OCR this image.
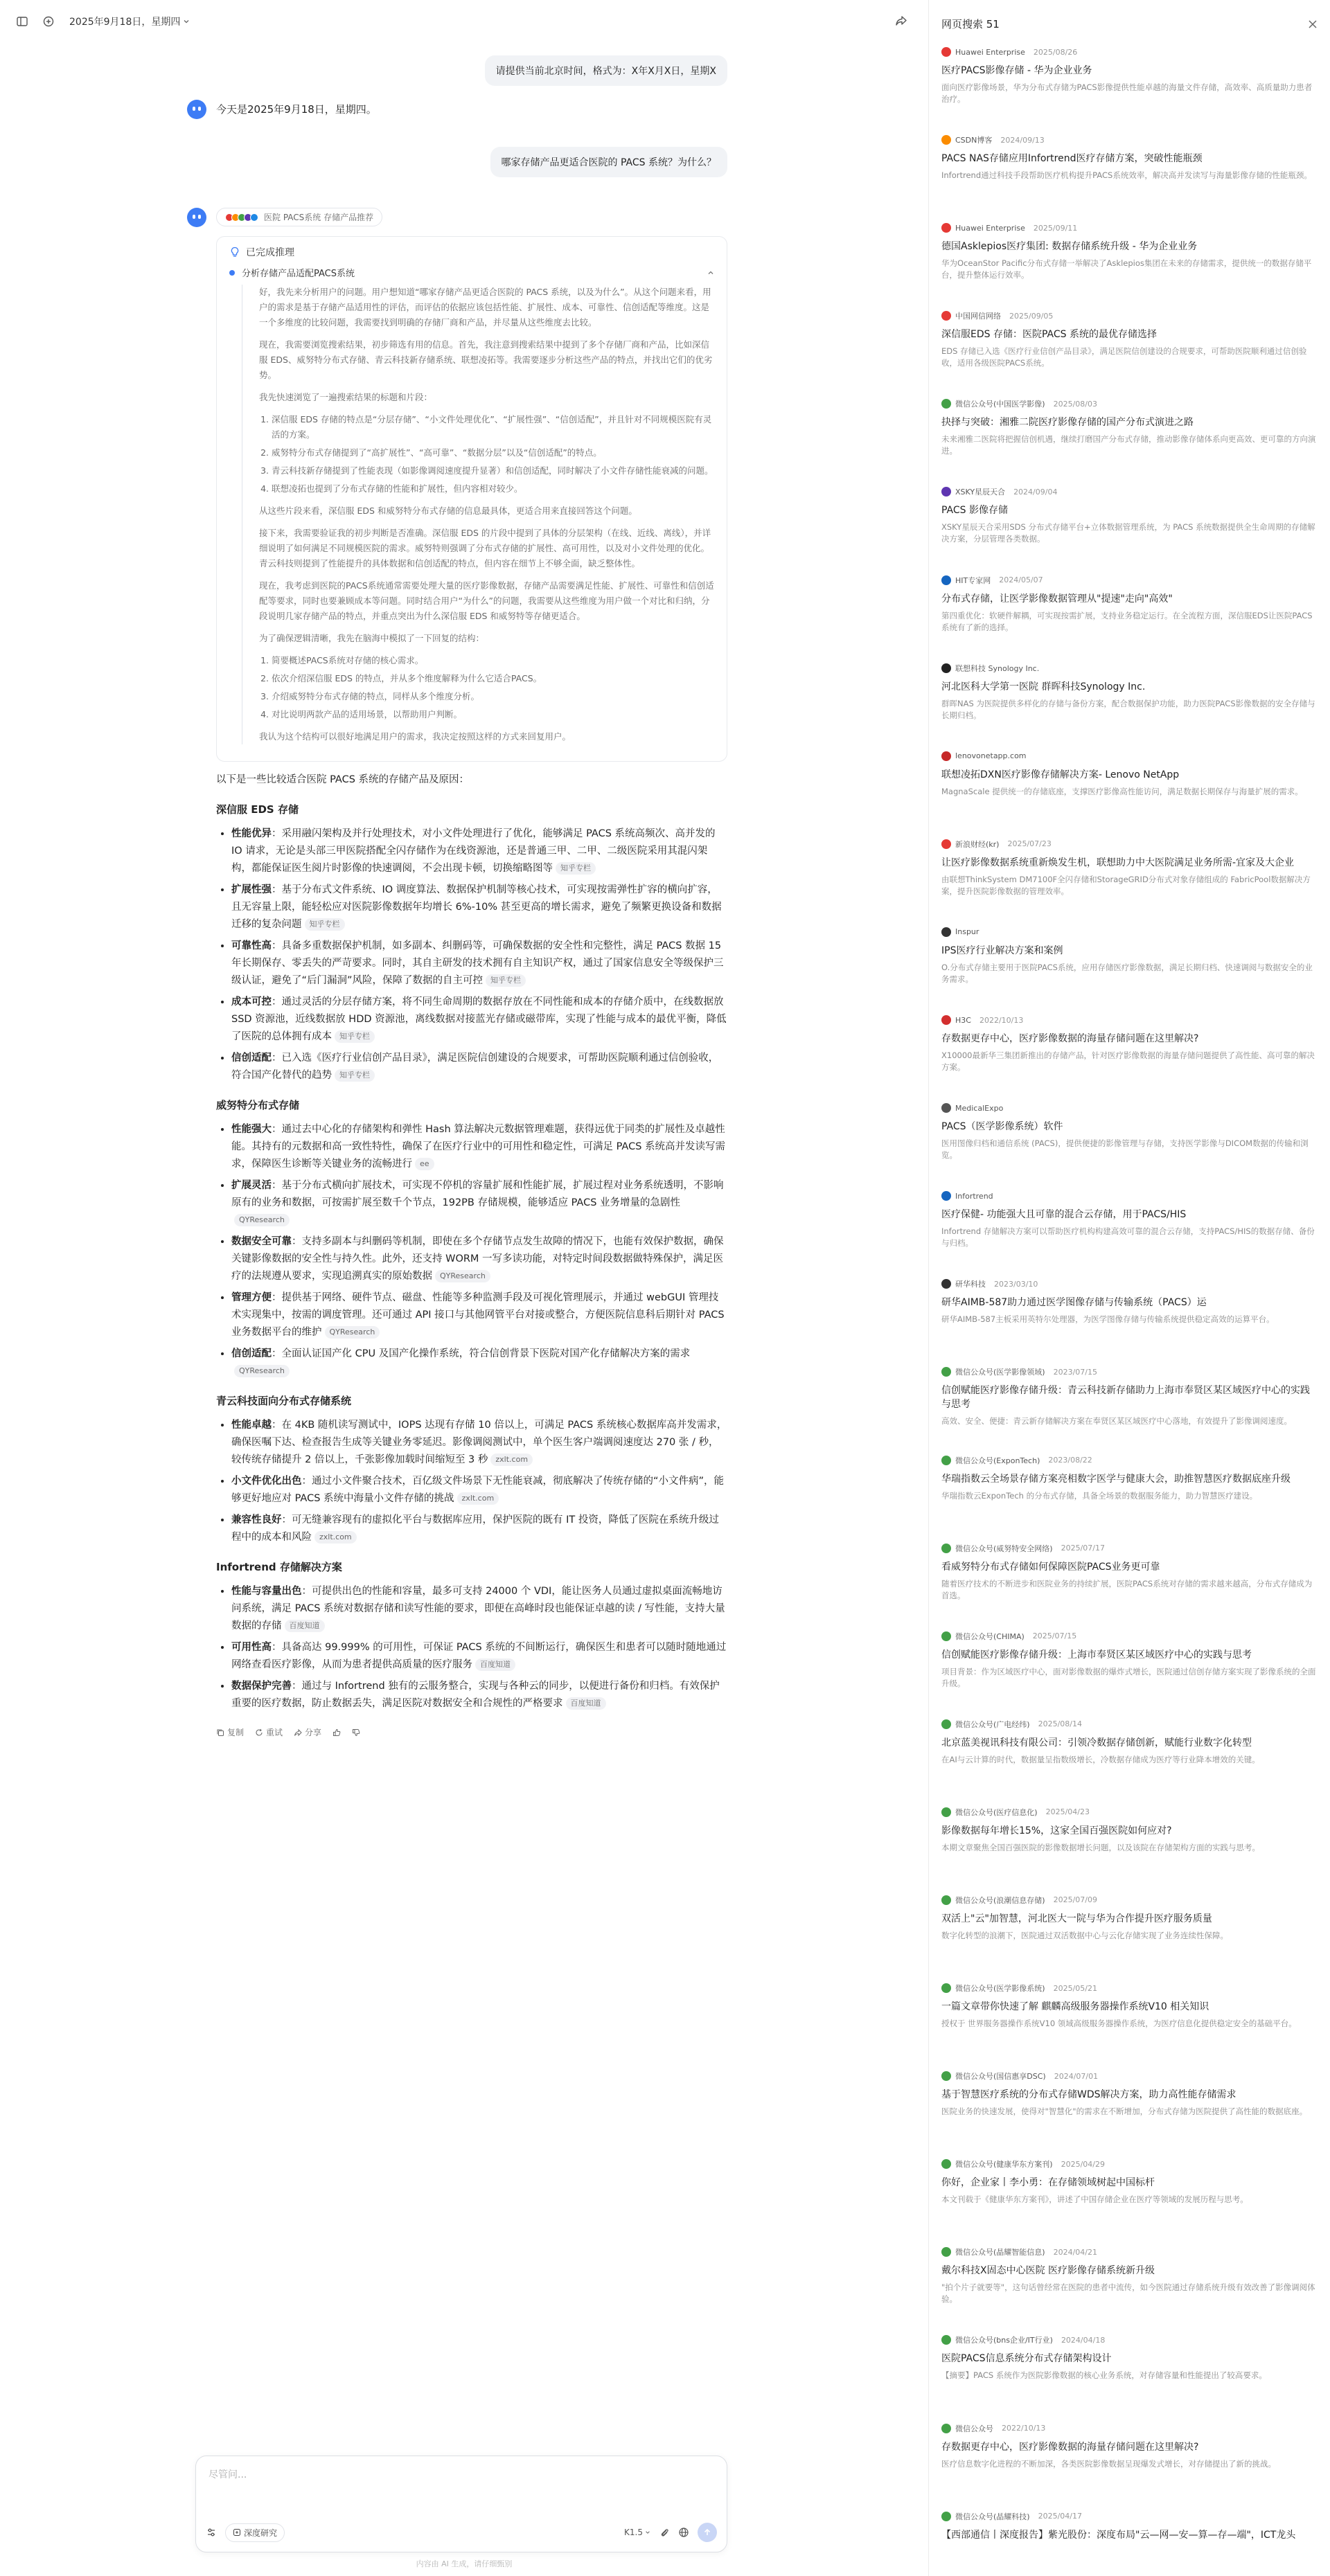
2025年9月18日，星期四
请提供当前北京时间，格式为：X年X月X日，星期X
今天是2025年9月18日，星期四。
哪家存储产品更适合医院的 PACS 系统？为什么？
医院 PACS系统 存储产品推荐
已完成推理
分析存储产品适配PACS系统

好，我先来分析用户的问题。用户想知道“哪家存储产品更适合医院的 PACS 系统，以及为什么”。从这个问题来看，用户的需求是基于存储产品适用性的评估，而评估的依据应该包括性能、扩展性、成本、可靠性、信创适配等维度。这是一个多维度的比较问题，我需要找到明确的存储厂商和产品，并尽量从这些维度去比较。

现在，我需要浏览搜索结果，初步筛选有用的信息。首先，我注意到搜索结果中提到了多个存储厂商和产品，比如深信服 EDS、威努特分布式存储、青云科技新存储系统、联想凌拓等。我需要逐步分析这些产品的特点，并找出它们的优劣势。

我先快速浏览了一遍搜索结果的标题和片段：

1. 深信服 EDS 存储的特点是“分层存储”、“小文件处理优化”、“扩展性强”、“信创适配”，并且针对不同规模医院有灵活的方案。
2. 威努特分布式存储提到了“高扩展性”、“高可靠”、“数据分层”以及“信创适配”的特点。
3. 青云科技新存储提到了性能表现（如影像调阅速度提升显著）和信创适配，同时解决了小文件存储性能衰减的问题。
4. 联想凌拓也提到了分布式存储的性能和扩展性，但内容相对较少。

从这些片段来看，深信服 EDS 和威努特分布式存储的信息最具体，更适合用来直接回答这个问题。

接下来，我需要验证我的初步判断是否准确。深信服 EDS 的片段中提到了具体的分层架构（在线、近线、离线），并详细说明了如何满足不同规模医院的需求。威努特则强调了分布式存储的扩展性、高可用性，以及对小文件处理的优化。青云科技则提到了性能提升的具体数据和信创适配的特点，但内容在细节上不够全面，缺乏整体性。

现在，我考虑到医院的PACS系统通常需要处理大量的医疗影像数据，存储产品需要满足性能、扩展性、可靠性和信创适配等要求，同时也要兼顾成本等问题。同时结合用户“为什么”的问题，我需要从这些维度为用户做一个对比和归纳，分段说明几家存储产品的特点，并重点突出为什么深信服 EDS 和威努特等存储更适合。

为了确保逻辑清晰，我先在脑海中模拟了一下回复的结构：

1. 简要概述PACS系统对存储的核心需求。
2. 依次介绍深信服 EDS 的特点，并从多个维度解释为什么它适合PACS。
3. 介绍威努特分布式存储的特点，同样从多个维度分析。
4. 对比说明两款产品的适用场景，以帮助用户判断。

我认为这个结构可以很好地满足用户的需求，我决定按照这样的方式来回复用户。

以下是一些比较适合医院 PACS 系统的存储产品及原因：

深信服 EDS 存储
• 性能优异：采用融闪架构及并行处理技术，对小文件处理进行了优化，能够满足 PACS 系统高频次、高并发的 IO 请求，无论是头部三甲医院搭配全闪存储作为在线资源池，还是普通三甲、二甲、二级医院采用其混闪架构，都能保证医生阅片时影像的快速调阅，不会出现卡顿，切换缩略图等 知乎专栏
• 扩展性强：基于分布式文件系统、IO 调度算法、数据保护机制等核心技术，可实现按需弹性扩容的横向扩容，且无容量上限，能轻松应对医院影像数据年均增长 6%-10% 甚至更高的增长需求，避免了频繁更换设备和数据迁移的复杂问题 知乎专栏
• 可靠性高：具备多重数据保护机制，如多副本、纠删码等，可确保数据的安全性和完整性，满足 PACS 数据 15 年长期保存、零丢失的严苛要求。同时，其自主研发的技术拥有自主知识产权，通过了国家信息安全等级保护三级认证，避免了“后门漏洞”风险，保障了数据的自主可控 知乎专栏
• 成本可控：通过灵活的分层存储方案，将不同生命周期的数据存放在不同性能和成本的存储介质中，在线数据放 SSD 资源池，近线数据放 HDD 资源池，离线数据对接蓝光存储或磁带库，实现了性能与成本的最优平衡，降低了医院的总体拥有成本 知乎专栏
• 信创适配：已入选《医疗行业信创产品目录》，满足医院信创建设的合规要求，可帮助医院顺利通过信创验收，符合国产化替代的趋势 知乎专栏
威努特分布式存储
• 性能强大：通过去中心化的存储架构和弹性 Hash 算法解决元数据管理难题，获得远优于同类的扩展性及卓越性能。其持有的元数据和高一致性特性，确保了在医疗行业中的可用性和稳定性，可满足 PACS 系统高并发读写需求，保障医生诊断等关键业务的流畅进行 ee
• 扩展灵活：基于分布式横向扩展技术，可实现不停机的容量扩展和性能扩展，扩展过程对业务系统透明，不影响原有的业务和数据，可按需扩展至数千个节点，192PB 存储规模，能够适应 PACS 业务增量的急剧性QYResearch
• 数据安全可靠：支持多副本与纠删码等机制，即使在多个存储节点发生故障的情况下，也能有效保护数据，确保关键影像数据的安全性与持久性。此外，还支持 WORM 一写多读功能，对特定时间段数据做特殊保护，满足医疗的法规遵从要求，实现追溯真实的原始数据 QYResearch
• 管理方便：提供基于网络、硬件节点、磁盘、性能等多种监测手段及可视化管理展示，并通过 webGUI 管理技术实现集中，按需的调度管理。还可通过 API 接口与其他网管平台对接或整合，方便医院信息科后期针对 PACS 业务数据平台的维护 QYResearch
• 信创适配：全面认证国产化 CPU 及国产化操作系统，符合信创背景下医院对国产化存储解决方案的需求QYResearch
青云科技面向分布式存储系统
• 性能卓越：在 4KB 随机读写测试中，IOPS 达现有存储 10 倍以上，可满足 PACS 系统核心数据库高并发需求，确保医嘱下达、检查报告生成等关键业务零延迟。影像调阅测试中，单个医生客户端调阅速度达 270 张 / 秒，较传统存储提升 2 倍以上，千张影像加载时间缩短至 3 秒 zxlt.com
• 小文件优化出色：通过小文件聚合技术，百亿级文件场景下无性能衰减，彻底解决了传统存储的“小文件病”，能够更好地应对 PACS 系统中海量小文件存储的挑战 zxlt.com
• 兼容性良好：可无缝兼容现有的虚拟化平台与数据库应用，保护医院的既有 IT 投资，降低了医院在系统升级过程中的成本和风险 zxlt.com
Infortrend 存储解决方案
• 性能与容量出色：可提供出色的性能和容量，最多可支持 24000 个 VDI，能让医务人员通过虚拟桌面流畅地访问系统，满足 PACS 系统对数据存储和读写性能的要求，即便在高峰时段也能保证卓越的读 / 写性能，支持大量数据的存储 百度知道
• 可用性高：具备高达 99.999% 的可用性，可保证 PACS 系统的不间断运行，确保医生和患者可以随时随地通过网络查看医疗影像，从而为患者提供高质量的医疗服务 百度知道
• 数据保护完善：通过与 Infortrend 独有的云服务整合，实现与各种云的同步，以便进行备份和归档。有效保护重要的医疗数据，防止数据丢失，满足医院对数据安全和合规性的严格要求 百度知道
复制	重试	分享
尽管问...
深度研究	K1.5
内容由 AI 生成，请仔细甄别
网页搜索 51
Huawei Enterprise 2025/08/26
医疗PACS影像存储 - 华为企业业务
面向医疗影像场景，华为分布式存储为PACS影像提供性能卓越的海量文件存储，高效率、高质量助力患者治疗。
CSDN博客 2024/09/13
PACS NAS存储应用Infortrend医疗存储方案，突破性能瓶颈
Infortrend通过科技手段帮助医疗机构提升PACS系统效率，解决高并发读写与海量影像存储的性能瓶颈。
Huawei Enterprise 2025/09/11
德国Asklepios医疗集团: 数据存储系统升级 - 华为企业业务
华为OceanStor Pacific分布式存储一举解决了Asklepios集团在未来的存储需求，提供统一的数据存储平台，提升整体运行效率。
中国网信网络 2025/09/05
深信服EDS 存储：医院PACS 系统的最优存储选择
EDS 存储已入选《医疗行业信创产品目录》，满足医院信创建设的合规要求，可帮助医院顺利通过信创验收，适用各级医院PACS系统。
微信公众号(中国医学影像) 2025/08/03
抉择与突破：湘雅二院医疗影像存储的国产分布式演进之路
未来湘雅二医院将把握信创机遇，继续打磨国产分布式存储，推动影像存储体系向更高效、更可靠的方向演进。
XSKY星辰天合 2024/09/04
PACS 影像存储
XSKY星辰天合采用SDS 分布式存储平台+立体数据管理系统，为 PACS 系统数据提供全生命周期的存储解决方案，分层管理各类数据。
HIT专家网 2024/05/07
分布式存储，让医学影像数据管理从"提速"走向"高效"
第四重优化：软硬件解耦，可实现按需扩展，支持业务稳定运行。在全流程方面，深信服EDS让医院PACS系统有了新的选择。
联想科技 Synology Inc.
河北医科大学第一医院 群晖科技Synology Inc.
群晖NAS 为医院提供多样化的存储与备份方案，配合数据保护功能，助力医院PACS影像数据的安全存储与长期归档。
lenovonetapp.com
联想凌拓DXN医疗影像存储解决方案- Lenovo NetApp
MagnaScale 提供统一的存储底座，支撑医疗影像高性能访问，满足数据长期保存与海量扩展的需求。
新浪财经(kr) 2025/07/23
让医疗影像数据系统重新焕发生机，联想助力中大医院满足业务所需-宜家及大企业
由联想ThinkSystem DM7100F全闪存储和StorageGRID分布式对象存储组成的 FabricPool数据解决方案，提升医院影像数据的管理效率。
Inspur
IPS医疗行业解决方案和案例
O.分布式存储主要用于医院PACS系统，应用存储医疗影像数据，满足长期归档、快速调阅与数据安全的业务需求。
H3C 2022/10/13
存数据更存中心，医疗影像数据的海量存储问题在这里解决?
X10000最新华三集团新推出的存储产品，针对医疗影像数据的海量存储问题提供了高性能、高可靠的解决方案。
MedicalExpo
PACS（医学影像系统）软件
医用图像归档和通信系统 (PACS)，提供便捷的影像管理与存储，支持医学影像与DICOM数据的传输和浏览。
Infortrend
医疗保健- 功能强大且可靠的混合云存储，用于PACS/HIS
Infortrend 存储解决方案可以帮助医疗机构构建高效可靠的混合云存储，支持PACS/HIS的数据存储、备份与归档。
研华科技 2023/03/10
研华AIMB-587助力通过医学图像存储与传输系统（PACS）运
研华AIMB-587主板采用英特尔处理器，为医学图像存储与传输系统提供稳定高效的运算平台。
微信公众号(医学影像领域) 2023/07/15
信创赋能医疗影像存储升级：青云科技新存储助力上海市奉贤区某区域医疗中心的实践与思考
高效、安全、便捷：青云新存储解决方案在奉贤区某区域医疗中心落地，有效提升了影像调阅速度。
微信公众号(ExponTech) 2023/08/22
华瑞指数云全场景存储方案亮相数字医学与健康大会，助推智慧医疗数据底座升级
华瑞指数云ExponTech 的分布式存储，具备全场景的数据服务能力，助力智慧医疗建设。
微信公众号(威努特安全网络) 2025/07/17
看威努特分布式存储如何保障医院PACS业务更可靠
随着医疗技术的不断进步和医院业务的持续扩展，医院PACS系统对存储的需求越来越高，分布式存储成为首选。
微信公众号(CHIMA) 2025/07/15
信创赋能医疗影像存储升级：上海市奉贤区某区域医疗中心的实践与思考
项目背景：作为区域医疗中心，面对影像数据的爆炸式增长，医院通过信创存储方案实现了影像系统的全面升级。
微信公众号(广电经纬) 2025/08/14
北京蓝美视讯科技有限公司：引领冷数据存储创新，赋能行业数字化转型
在AI与云计算的时代，数据量呈指数级增长，冷数据存储成为医疗等行业降本增效的关键。
微信公众号(医疗信息化) 2025/04/23
影像数据每年增长15%，这家全国百强医院如何应对?
本期文章聚焦全国百强医院的影像数据增长问题，以及该院在存储架构方面的实践与思考。
微信公众号(浪潮信息存储) 2025/07/09
双活上"云"加智慧，河北医大一院与华为合作提升医疗服务质量
数字化转型的浪潮下，医院通过双活数据中心与云化存储实现了业务连续性保障。
微信公众号(医学影像系统) 2025/05/21
一篇文章带你快速了解 麒麟高级服务器操作系统V10 相关知识
授权于 世界服务器操作系统V10 领域高级服务器操作系统，为医疗信息化提供稳定安全的基础平台。
微信公众号(国信惠享DSC) 2024/07/01
基于智慧医疗系统的分布式存储WDS解决方案，助力高性能存储需求
医院业务的快速发展，使得对"智慧化"的需求在不断增加，分布式存储为医院提供了高性能的数据底座。
微信公众号(健康华东方案刊) 2025/04/29
你好，企业家丨李小勇：在存储领域树起中国标杆
本文刊载于《健康华东方案刊》，讲述了中国存储企业在医疗等领域的发展历程与思考。
微信公众号(晶耀智能信息) 2024/04/21
戴尔科技X固态中心医院 医疗影像存储系统新升级
"拍个片子就要等"，这句话曾经常在医院的患者中流传，如今医院通过存储系统升级有效改善了影像调阅体验。
微信公众号(bns企业/IT行业) 2024/04/18
医院PACS信息系统分布式存储架构设计
【摘要】PACS 系统作为医院影像数据的核心业务系统，对存储容量和性能提出了较高要求。
微信公众号 2022/10/13
存数据更存中心，医疗影像数据的海量存储问题在这里解决?
医疗信息数字化进程的不断加深，各类医院影像数据呈现爆发式增长，对存储提出了新的挑战。
微信公众号(晶耀科技) 2025/04/17
【西部通信丨深度报告】紫光股份：深度布局"云—网—安—算—存—端"，ICT龙头
